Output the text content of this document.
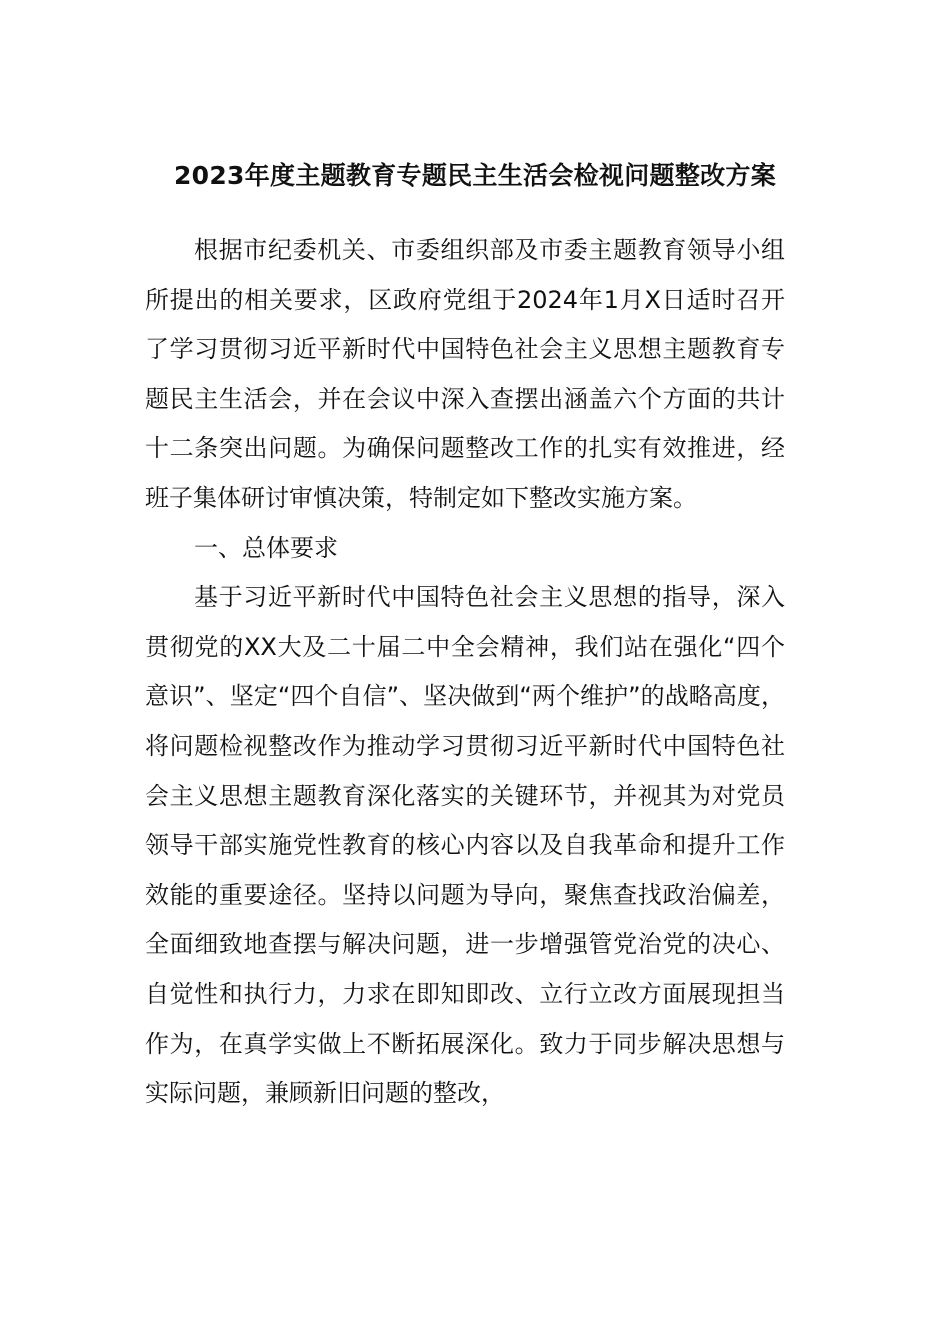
2023年度主题教育专题民主生活会检视问题整改方案

根据市纪委机关、市委组织部及市委主题教育领导小组所提出的相关要求，区政府党组于2024年1月X日适时召开了学习贯彻习近平新时代中国特色社会主义思想主题教育专题民主生活会，并在会议中深入查摆出涵盖六个方面的共计十二条突出问题。为确保问题整改工作的扎实有效推进，经班子集体研讨审慎决策，特制定如下整改实施方案。

一、总体要求

基于习近平新时代中国特色社会主义思想的指导，深入贯彻党的XX大及二十届二中全会精神，我们站在强化“四个意识”、坚定“四个自信”、坚决做到“两个维护”的战略高度，将问题检视整改作为推动学习贯彻习近平新时代中国特色社会主义思想主题教育深化落实的关键环节，并视其为对党员领导干部实施党性教育的核心内容以及自我革命和提升工作效能的重要途径。坚持以问题为导向，聚焦查找政治偏差，全面细致地查摆与解决问题，进一步增强管党治党的决心、自觉性和执行力，力求在即知即改、立行立改方面展现担当作为，在真学实做上不断拓展深化。致力于同步解决思想与实际问题，兼顾新旧问题的整改，
